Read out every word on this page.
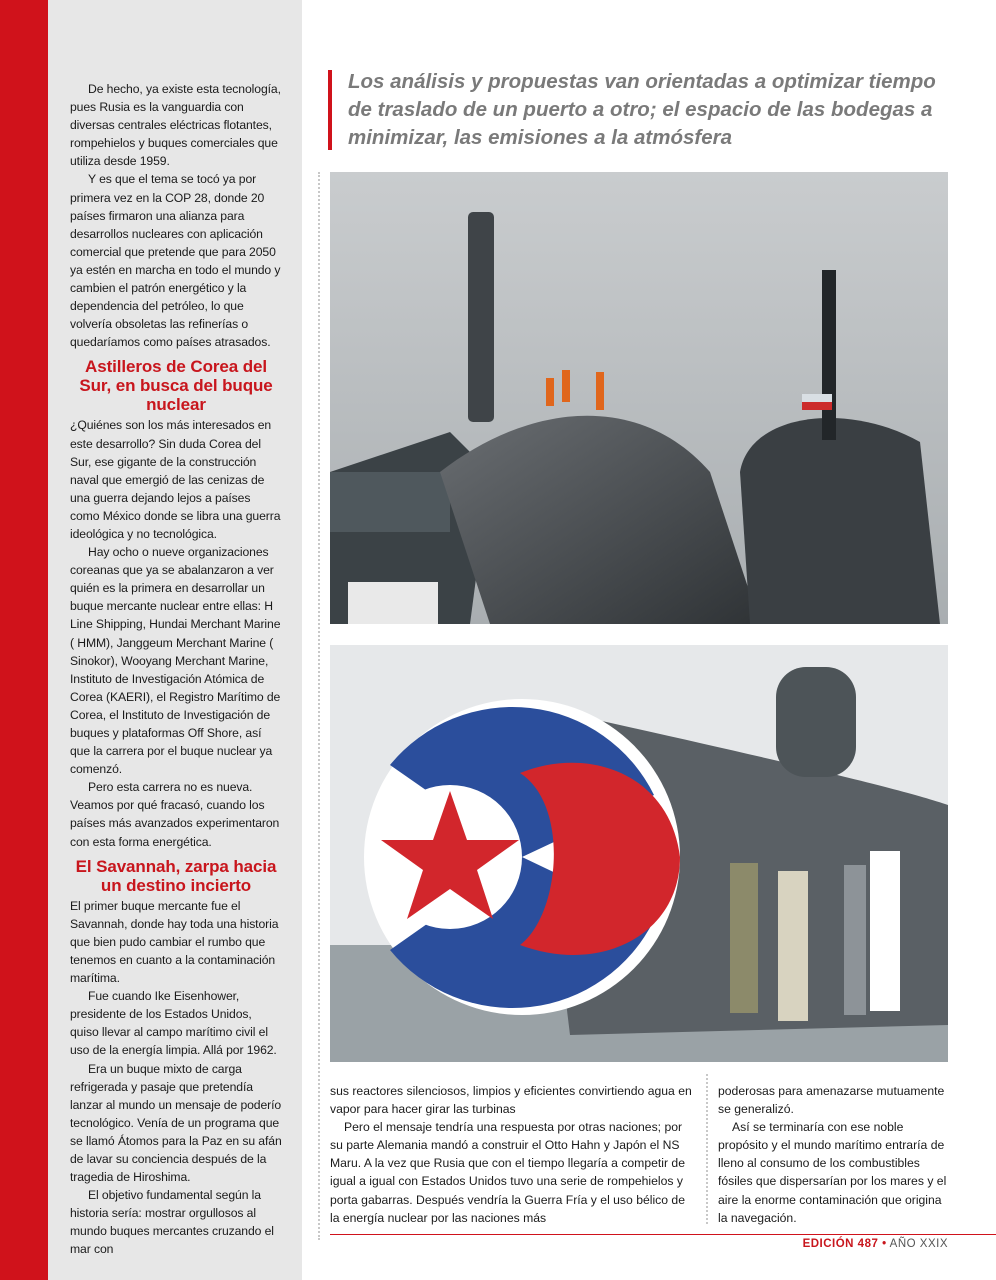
De hecho, ya existe esta tecnología, pues Rusia es la vanguardia con diversas centrales eléctricas flotantes, rompehielos y buques comerciales que utiliza desde 1959.

Y es que el tema se tocó ya por primera vez en la COP 28, donde 20 países firmaron una alianza para desarrollos nucleares con aplicación comercial que pretende que para 2050 ya estén en marcha en todo el mundo y cambien el patrón energético y la dependencia del petróleo, lo que volvería obsoletas las refinerías o quedaríamos como países atrasados.

Astilleros de Corea del Sur, en busca del buque nuclear

¿Quiénes son los más interesados en este desarrollo? Sin duda Corea del Sur, ese gigante de la construcción naval que emergió de las cenizas de una guerra dejando lejos a países como México donde se libra una guerra ideológica y no tecnológica.

Hay ocho o nueve organizaciones coreanas que ya se abalanzaron a ver quién es la primera en desarrollar un buque mercante nuclear entre ellas: H Line Shipping, Hundai Merchant Marine ( HMM), Janggeum Merchant Marine ( Sinokor), Wooyang Merchant Marine, Instituto de Investigación Atómica de Corea (KAERI), el Registro Marítimo de Corea, el Instituto de Investigación de buques y plataformas Off Shore, así que la carrera por el buque nuclear ya comenzó.

Pero esta carrera no es nueva. Veamos por qué fracasó, cuando los países más avanzados experimentaron con esta forma energética.

El Savannah, zarpa hacia un destino incierto

El primer buque mercante fue el Savannah, donde hay toda una historia que bien pudo cambiar el rumbo que tenemos en cuanto a la contaminación marítima.

Fue cuando Ike Eisenhower, presidente de los Estados Unidos, quiso llevar al campo marítimo civil el uso de la energía limpia. Allá por 1962.

Era un buque mixto de carga refrigerada y pasaje que pretendía lanzar al mundo un mensaje de poderío tecnológico. Venía de un programa que se llamó Átomos para la Paz en su afán de lavar su conciencia después de la tragedia de Hiroshima.

El objetivo fundamental según la historia sería: mostrar orgullosos al mundo buques mercantes cruzando el mar con

Los análisis y propuestas van orientadas a optimizar tiempo de traslado de un puerto a otro; el espacio de las bodegas a minimizar, las emisiones a la atmósfera

sus reactores silenciosos, limpios y eficientes convirtiendo agua en vapor para hacer girar las turbinas

Pero el mensaje tendría una respuesta por otras naciones; por su parte Alemania mandó a construir el Otto Hahn y Japón el NS Maru. A la vez que Rusia que con el tiempo llegaría a competir de igual a igual con Estados Unidos tuvo una serie de rompehielos y porta gabarras. Después vendría la Guerra Fría y el uso bélico de la energía nuclear por las naciones más

poderosas para amenazarse mutuamente se generalizó.

Así se terminaría con ese noble propósito y el mundo marítimo entraría de lleno al consumo de los combustibles fósiles que dispersarían por los mares y el aire la enorme contaminación que origina la navegación.

EDICIÓN 487 • AÑO XXIX
